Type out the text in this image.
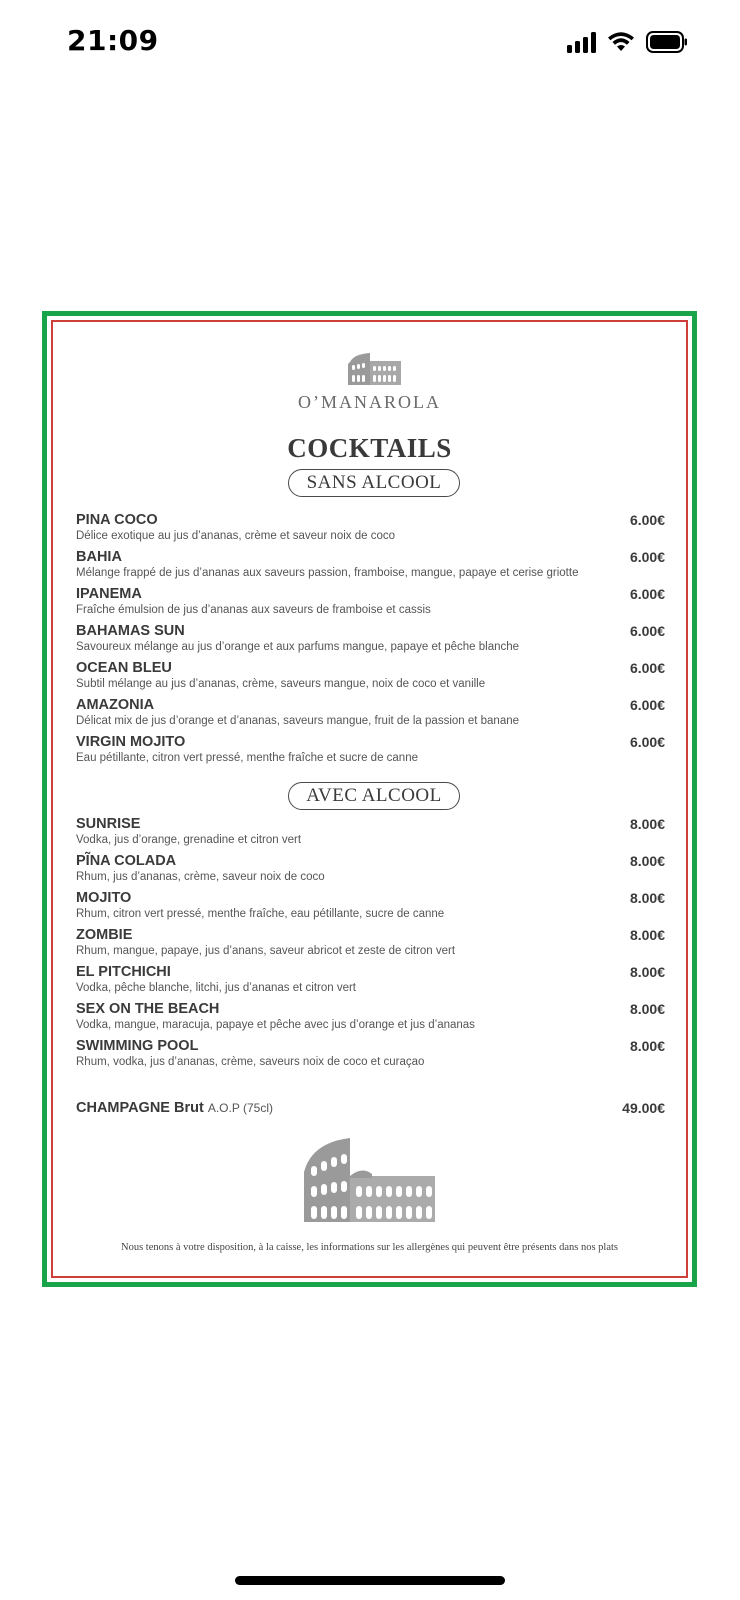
21:09
O’MANAROLA
COCKTAILS
SANS ALCOOL
PINA COCO
Délice exotique au jus d’ananas, crème et saveur noix de coco
6.00€
BAHIA
Mélange frappé de jus d’ananas aux saveurs passion, framboise, mangue, papaye et cerise griotte
6.00€
IPANEMA
Fraîche émulsion de jus d’ananas aux saveurs de framboise et cassis
6.00€
BAHAMAS SUN
Savoureux mélange au jus d’orange et aux parfums mangue, papaye et pêche blanche
6.00€
OCEAN BLEU
Subtil mélange au jus d’ananas, crème, saveurs mangue, noix de coco et vanille
6.00€
AMAZONIA
Délicat mix de jus d’orange et d’ananas, saveurs mangue, fruit de la passion et banane
6.00€
VIRGIN MOJITO
Eau pétillante, citron vert pressé, menthe fraîche et sucre de canne
6.00€
AVEC ALCOOL
SUNRISE
Vodka, jus d’orange, grenadine et citron vert
8.00€
PĨNA COLADA
Rhum, jus d’ananas, crème, saveur noix de coco
8.00€
MOJITO
Rhum, citron vert pressé, menthe fraîche, eau pétillante, sucre de canne
8.00€
ZOMBIE
Rhum, mangue, papaye, jus d’anans, saveur abricot et zeste de citron vert
8.00€
EL PITCHICHI
Vodka, pêche blanche, litchi, jus d’ananas et citron vert
8.00€
SEX ON THE BEACH
Vodka, mangue, maracuja, papaye et pêche avec jus d’orange et jus d’ananas
8.00€
SWIMMING POOL
Rhum, vodka, jus d’ananas, crème, saveurs noix de coco et curaçao
8.00€
CHAMPAGNE Brut A.O.P (75cl)	49.00€
Nous tenons à votre disposition, à la caisse, les informations sur les allergènes qui peuvent être présents dans nos plats
